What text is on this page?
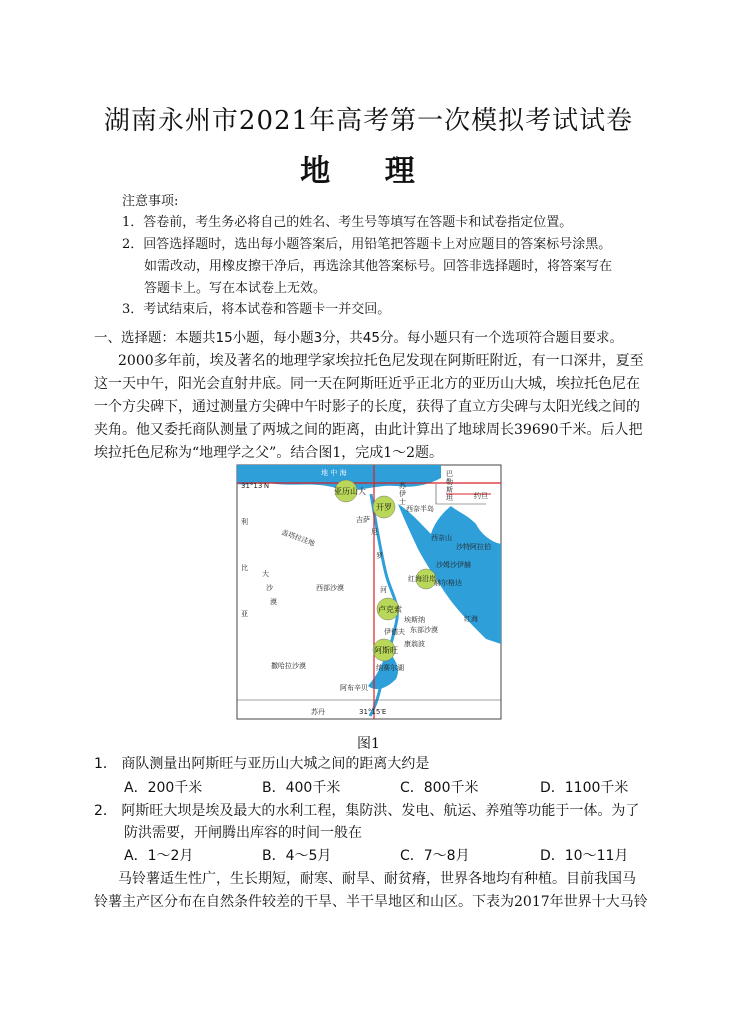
湖南永州市2021年高考第一次模拟考试试卷
地 理
注意事项:
1．答卷前，考生务必将自己的姓名、考生号等填写在答题卡和试卷指定位置。
2．回答选择题时，选出每小题答案后，用铅笔把答题卡上对应题目的答案标号涂黑。
如需改动，用橡皮擦干净后，再选涂其他答案标号。回答非选择题时，将答案写在
答题卡上。写在本试卷上无效。
3．考试结束后，将本试卷和答题卡一并交回。
一、选择题：本题共15小题，每小题3分，共45分。每小题只有一个选项符合题目要求。
2000多年前，埃及著名的地理学家埃拉托色尼发现在阿斯旺附近，有一口深井，夏至
这一天中午，阳光会直射井底。同一天在阿斯旺近乎正北方的亚历山大城，埃拉托色尼在
一个方尖碑下，通过测量方尖碑中午时影子的长度，获得了直立方尖碑与太阳光线之间的
夹角。他又委托商队测量了两城之间的距离，由此计算出了地球周长39690千米。后人把
埃拉托色尼称为“地理学之父”。结合图1，完成1～2题。
亚历山大
开罗
卢克索
阿斯旺
地 中 海
31°13′N
31°15′E
利
比
亚
大
沙
漠
盖塔拉洼地
西部沙漠
撒哈拉沙漠
西奈半岛
西奈山
巴
勒
斯
坦	约旦
沙特阿拉伯
沙姆沙伊赫
赫尔格达
红海沿岸
红海
尼
罗
河
苏
伊
士
吉萨
埃斯纳
伊德夫 东部沙漠
康翁波
阿布辛贝
纳赛尔湖
苏丹
图1
1． 商队测量出阿斯旺与亚历山大城之间的距离大约是
A．200千米	B．400千米	C．800千米	D．1100千米
2． 阿斯旺大坝是埃及最大的水利工程，集防洪、发电、航运、养殖等功能于一体。为了
防洪需要，开闸腾出库容的时间一般在
A．1～2月	B．4～5月	C．7～8月	D．10～11月
马铃薯适生性广，生长期短，耐寒、耐旱、耐贫瘠，世界各地均有种植。目前我国马
铃薯主产区分布在自然条件较差的干旱、半干旱地区和山区。下表为2017年世界十大马铃
